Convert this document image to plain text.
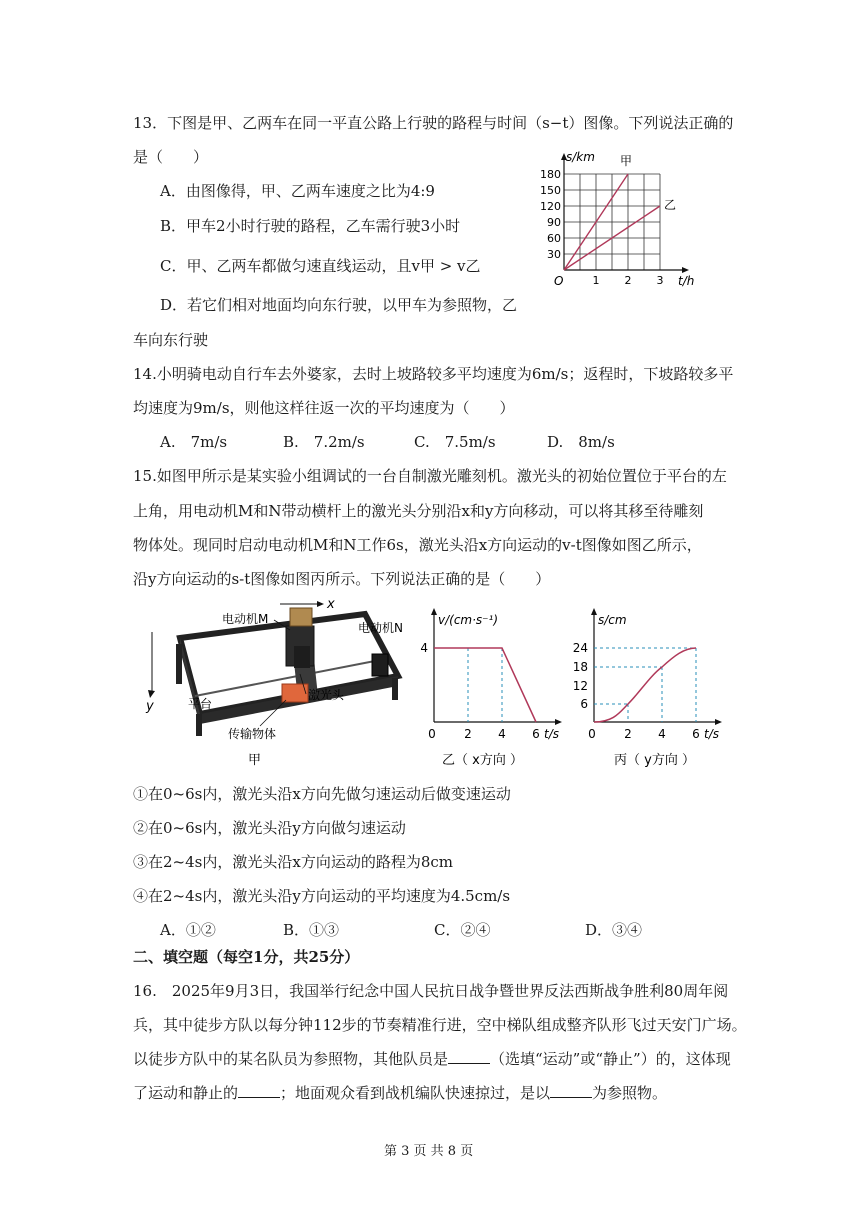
13．下图是甲、乙两车在同一平直公路上行驶的路程与时间（s−t）图像。下列说法正确的
是（　　）
A．由图像得，甲、乙两车速度之比为4:9
B．甲车2小时行驶的路程，乙车需行驶3小时
C．甲、乙两车都做匀速直线运动，且v甲 > v乙
D．若它们相对地面均向东行驶，以甲车为参照物，乙
车向东行驶
s/km
t/h
O
30
60
90
120
150
180
1 2 3
甲
乙
14.小明骑电动自行车去外婆家，去时上坡路较多平均速度为6m/s；返程时，下坡路较多平
均速度为9m/s，则他这样往返一次的平均速度为（　　）
A.　7m/s	B.　7.2m/s	C.　7.5m/s	D.　8m/s
15.如图甲所示是某实验小组调试的一台自制激光雕刻机。激光头的初始位置位于平台的左
上角，用电动机M和N带动横杆上的激光头分别沿x和y方向移动，可以将其移至待雕刻
物体处。现同时启动电动机M和N工作6s，激光头沿x方向运动的v-t图像如图乙所示，
沿y方向运动的s-t图像如图丙所示。下列说法正确的是（　　）
x
y
电动机M
电动机N
平台
激光头
传输物体
甲
v/(cm·s⁻¹)
4
0 2 4 6 t/s
乙（ x方向 ）
s/cm
6
12
18
24
0 2 4 6 t/s
丙（ y方向 ）
①在0~6s内，激光头沿x方向先做匀速运动后做变速运动
②在0~6s内，激光头沿y方向做匀速运动
③在2~4s内，激光头沿x方向运动的路程为8cm
④在2~4s内，激光头沿y方向运动的平均速度为4.5cm/s
A．①②	B．①③	C．②④	D．③④
二、填空题（每空1分，共25分）
16.　2025年9月3日，我国举行纪念中国人民抗日战争暨世界反法西斯战争胜利80周年阅
兵，其中徒步方队以每分钟112步的节奏精准行进，空中梯队组成整齐队形飞过天安门广场。
以徒步方队中的某名队员为参照物，其他队员是	（选填“运动”或“静止”）的，这体现
了运动和静止的	；地面观众看到战机编队快速掠过，是以	为参照物。
第 3 页 共 8 页
